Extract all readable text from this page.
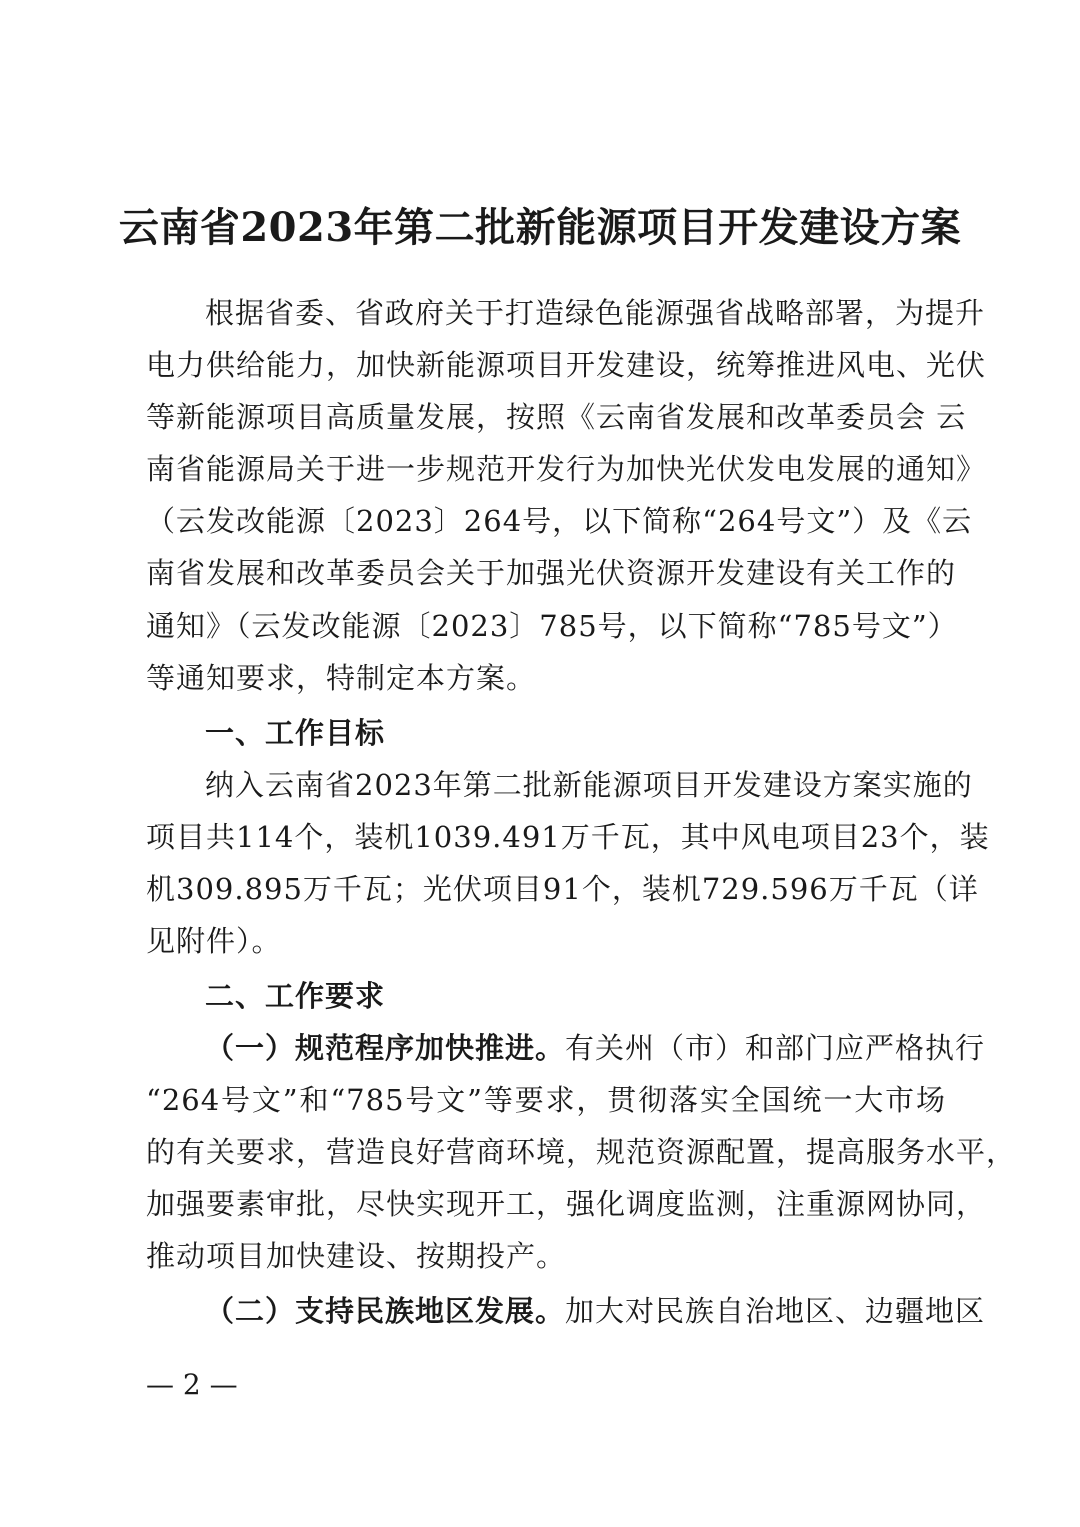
云南省2023年第二批新能源项目开发建设方案
根据省委、省政府关于打造绿色能源强省战略部署，为提升
电力供给能力，加快新能源项目开发建设，统筹推进风电、光伏
等新能源项目高质量发展，按照《云南省发展和改革委员会 云
南省能源局关于进一步规范开发行为加快光伏发电发展的通知》
（云发改能源〔2023〕264号，以下简称“264号文”）及《云
南省发展和改革委员会关于加强光伏资源开发建设有关工作的
通知》（云发改能源〔2023〕785号，以下简称“785号文”）
等通知要求，特制定本方案。
一、工作目标
纳入云南省2023年第二批新能源项目开发建设方案实施的
项目共114个，装机1039.491万千瓦，其中风电项目23个，装
机309.895万千瓦；光伏项目91个，装机729.596万千瓦（详
见附件）。
二、工作要求
（一）规范程序加快推进。有关州（市）和部门应严格执行
“264号文”和“785号文”等要求，贯彻落实全国统一大市场
的有关要求，营造良好营商环境，规范资源配置，提高服务水平，
加强要素审批，尽快实现开工，强化调度监测，注重源网协同，
推动项目加快建设、按期投产。
（二）支持民族地区发展。加大对民族自治地区、边疆地区
— 2 —
